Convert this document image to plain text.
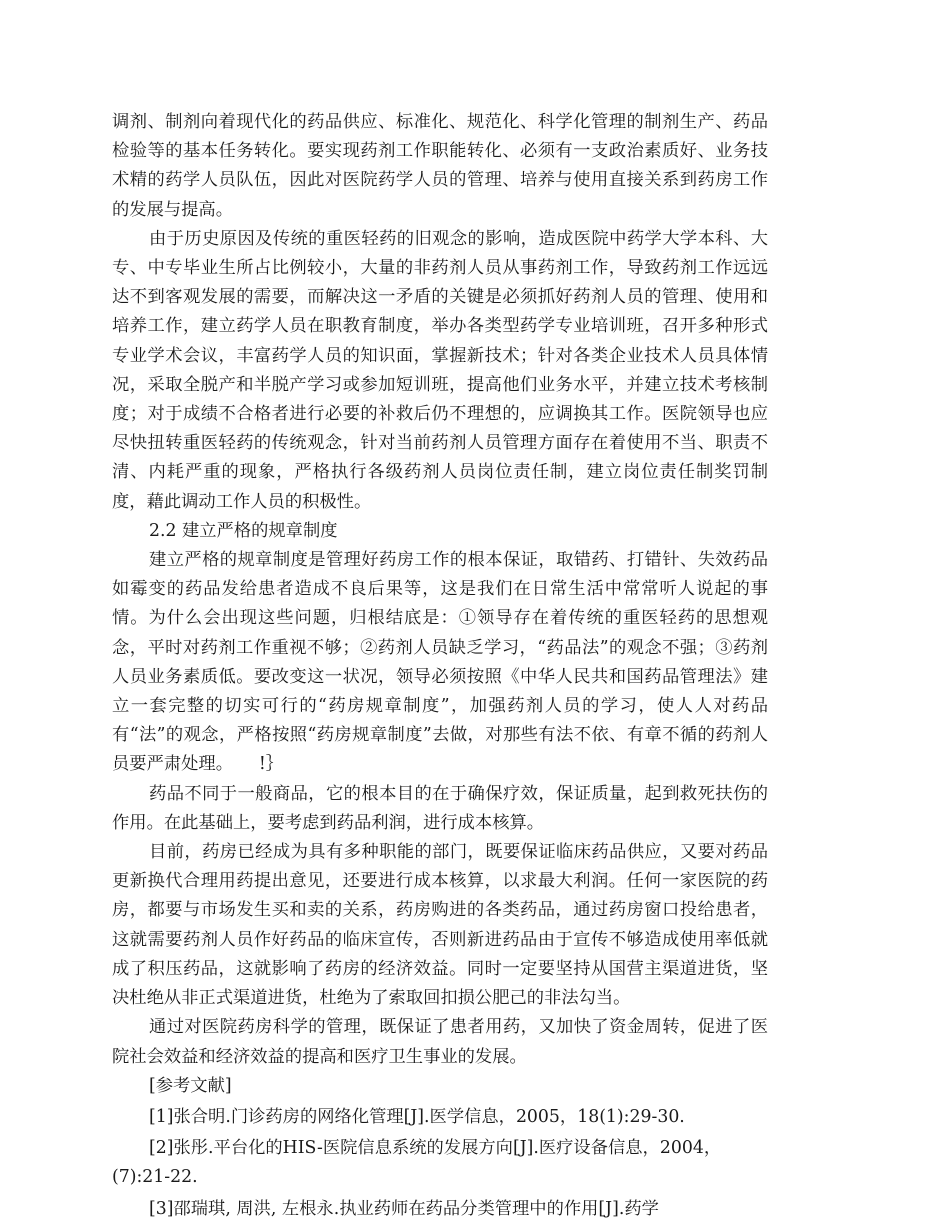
调剂、制剂向着现代化的药品供应、标准化、规范化、科学化管理的制剂生产、药品检验等的基本任务转化。要实现药剂工作职能转化、必须有一支政治素质好、业务技术精的药学人员队伍，因此对医院药学人员的管理、培养与使用直接关系到药房工作的发展与提高。

由于历史原因及传统的重医轻药的旧观念的影响，造成医院中药学大学本科、大专、中专毕业生所占比例较小，大量的非药剂人员从事药剂工作，导致药剂工作远远达不到客观发展的需要，而解决这一矛盾的关键是必须抓好药剂人员的管理、使用和培养工作，建立药学人员在职教育制度，举办各类型药学专业培训班，召开多种形式专业学术会议，丰富药学人员的知识面，掌握新技术；针对各类企业技术人员具体情况，采取全脱产和半脱产学习或参加短训班，提高他们业务水平，并建立技术考核制度；对于成绩不合格者进行必要的补救后仍不理想的，应调换其工作。医院领导也应尽快扭转重医轻药的传统观念，针对当前药剂人员管理方面存在着使用不当、职责不清、内耗严重的现象，严格执行各级药剂人员岗位责任制，建立岗位责任制奖罚制度，藉此调动工作人员的积极性。

2.2 建立严格的规章制度

建立严格的规章制度是管理好药房工作的根本保证，取错药、打错针、失效药品如霉变的药品发给患者造成不良后果等，这是我们在日常生活中常常听人说起的事情。为什么会出现这些问题，归根结底是：①领导存在着传统的重医轻药的思想观念，平时对药剂工作重视不够；②药剂人员缺乏学习，“药品法”的观念不强；③药剂人员业务素质低。要改变这一状况，领导必须按照《中华人民共和国药品管理法》建立一套完整的切实可行的“药房规章制度”，加强药剂人员的学习，使人人对药品有“法”的观念，严格按照“药房规章制度”去做，对那些有法不依、有章不循的药剂人员要严肃处理。　　!｝

药品不同于一般商品，它的根本目的在于确保疗效，保证质量，起到救死扶伤的作用。在此基础上，要考虑到药品利润，进行成本核算。

目前，药房已经成为具有多种职能的部门，既要保证临床药品供应，又要对药品更新换代合理用药提出意见，还要进行成本核算，以求最大利润。任何一家医院的药房，都要与市场发生买和卖的关系，药房购进的各类药品，通过药房窗口投给患者，这就需要药剂人员作好药品的临床宣传，否则新进药品由于宣传不够造成使用率低就成了积压药品，这就影响了药房的经济效益。同时一定要坚持从国营主渠道进货，坚决杜绝从非正式渠道进货，杜绝为了索取回扣损公肥己的非法勾当。

通过对医院药房科学的管理，既保证了患者用药，又加快了资金周转，促进了医院社会效益和经济效益的提高和医疗卫生事业的发展。

[参考文献]

[1]张合明.门诊药房的网络化管理[J].医学信息，2005，18(1):29-30.

[2]张彤.平台化的HIS-医院信息系统的发展方向[J].医疗设备信息，2004，(7):21-22.

[3]邵瑞琪, 周洪, 左根永.执业药师在药品分类管理中的作用[J].药学
